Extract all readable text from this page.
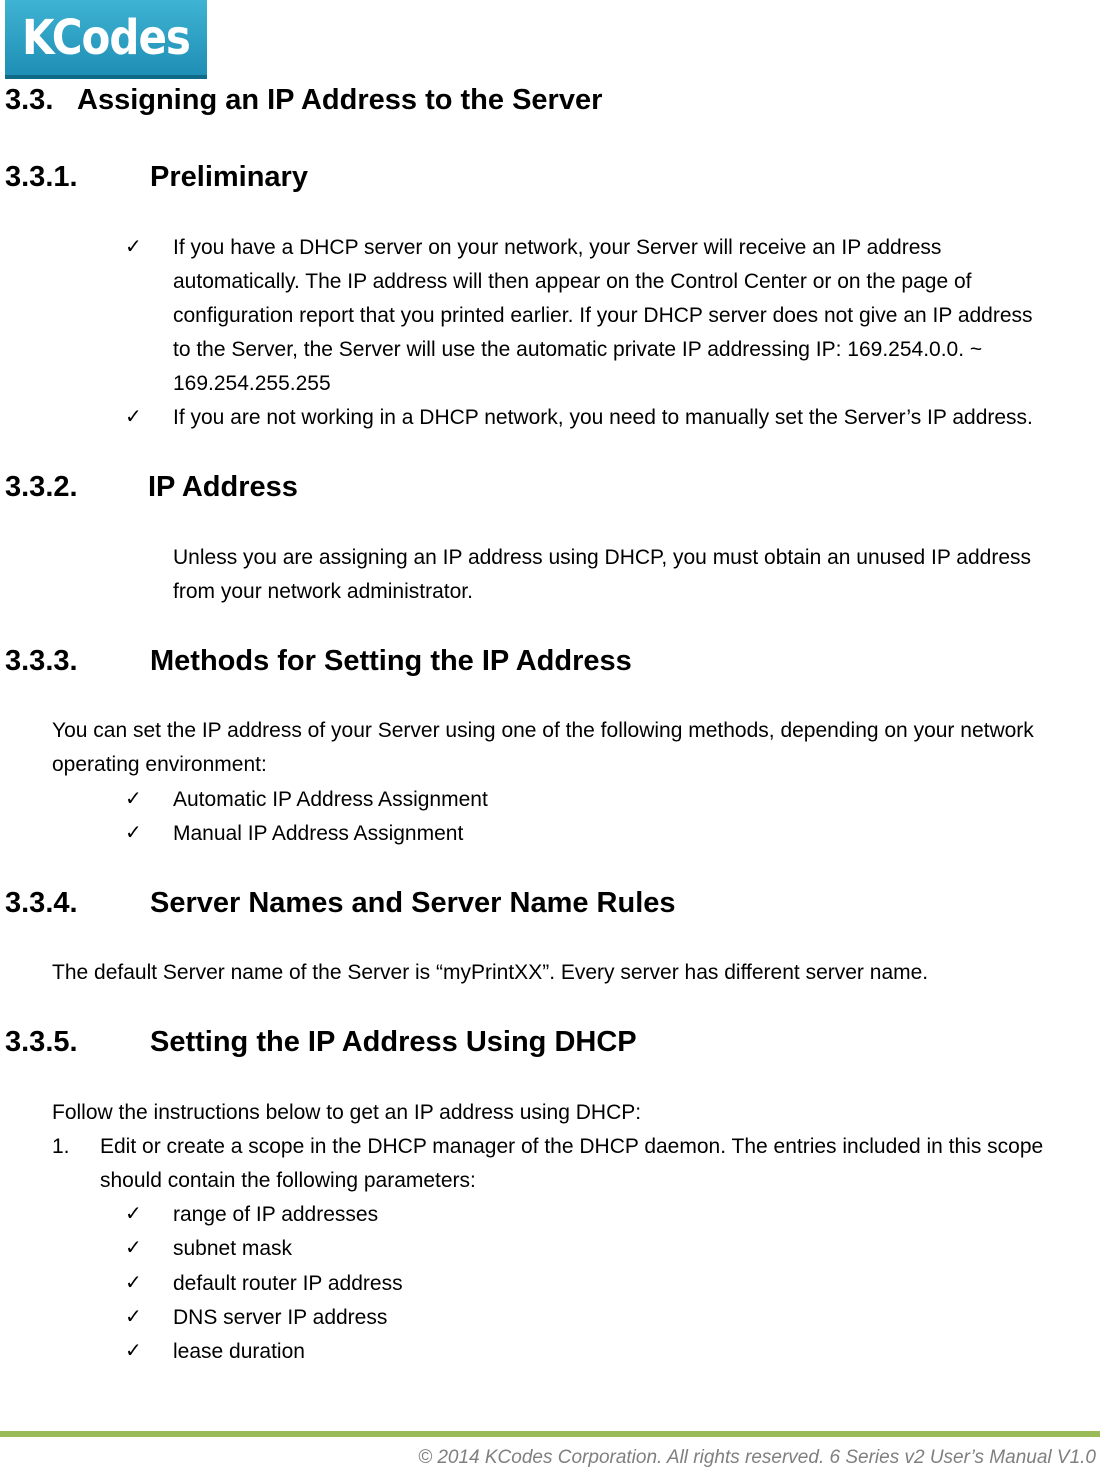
KCodes
3.3. Assigning an IP Address to the Server
3.3.1. Preliminary
✓ If you have a DHCP server on your network, your Server will receive an IP address
automatically. The IP address will then appear on the Control Center or on the page of
configuration report that you printed earlier. If your DHCP server does not give an IP address
to the Server, the Server will use the automatic private IP addressing IP: 169.254.0.0. ~
169.254.255.255
✓ If you are not working in a DHCP network, you need to manually set the Server’s IP address.
3.3.2. IP Address
Unless you are assigning an IP address using DHCP, you must obtain an unused IP address
from your network administrator.
3.3.3. Methods for Setting the IP Address
You can set the IP address of your Server using one of the following methods, depending on your network
operating environment:
✓ Automatic IP Address Assignment
✓ Manual IP Address Assignment
3.3.4. Server Names and Server Name Rules
The default Server name of the Server is “myPrintXX”. Every server has different server name.
3.3.5. Setting the IP Address Using DHCP
Follow the instructions below to get an IP address using DHCP:
1. Edit or create a scope in the DHCP manager of the DHCP daemon. The entries included in this scope
should contain the following parameters:
✓ range of IP addresses
✓ subnet mask
✓ default router IP address
✓ DNS server IP address
✓ lease duration
© 2014 KCodes Corporation. All rights reserved. 6 Series v2 User’s Manual V1.0
